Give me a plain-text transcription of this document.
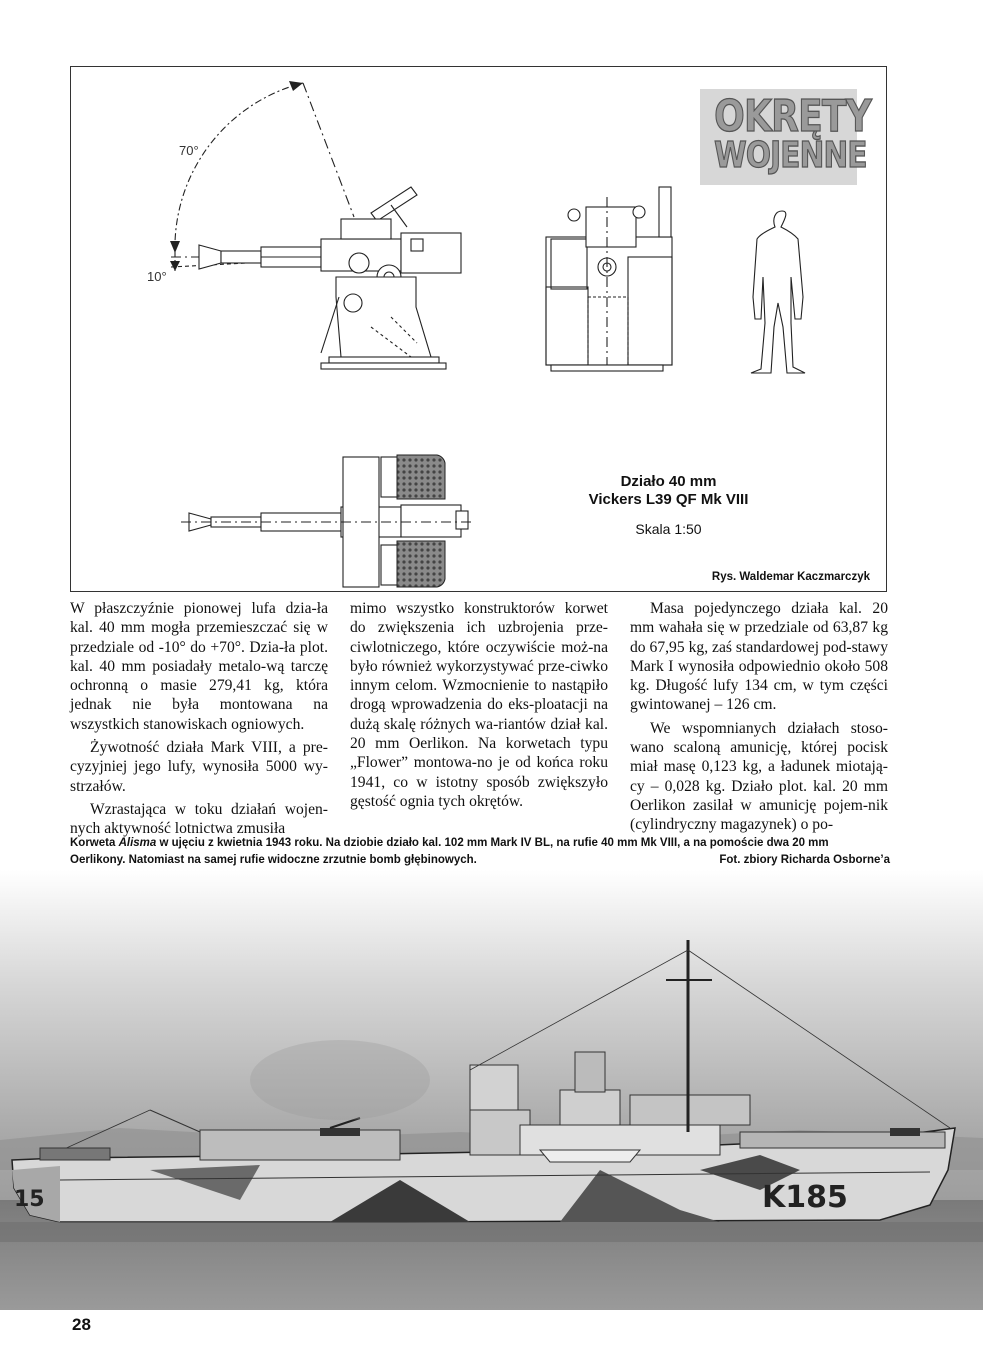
70°
10°
OKRĘTY
WOJENNE
Działo 40 mm
Vickers L39 QF Mk VIII
Skala 1:50
Rys. Waldemar Kaczmarczyk

W płaszczyźnie pionowej lufa dzia-ła kal. 40 mm mogła przemieszczać się w przedziale od -10° do +70°. Dzia-ła plot. kal. 40 mm posiadały metalo-wą tarczę ochronną o masie 279,41 kg, która jednak nie była montowana na wszystkich stanowiskach ogniowych.

Żywotność działa Mark VIII, a pre-cyzyjniej jego lufy, wynosiła 5000 wy-strzałów.

Wzrastająca w toku działań wojen-nych aktywność lotnictwa zmusiła

mimo wszystko konstruktorów korwet do zwiększenia ich uzbrojenia prze-ciwlotniczego, które oczywiście moż-na było również wykorzystywać prze-ciwko innym celom. Wzmocnienie to nastąpiło drogą wprowadzenia do eks-ploatacji na dużą skalę różnych wa-riantów dział kal. 20 mm Oerlikon. Na korwetach typu „Flower” montowa-no je od końca roku 1941, co w istotny sposób zwiększyło gęstość ognia tych okrętów.

Masa pojedynczego działa kal. 20 mm wahała się w przedziale od 63,87 kg do 67,95 kg, zaś standardowej pod-stawy Mark I wynosiła odpowiednio około 508 kg. Długość lufy 134 cm, w tym części gwintowanej – 126 cm.

We wspomnianych działach stoso-wano scaloną amunicję, której pocisk miał masę 0,123 kg, a ładunek miotają-cy – 0,028 kg. Działo plot. kal. 20 mm Oerlikon zasilał w amunicję pojem-nik (cylindryczny magazynek) o po-

Korweta Alisma w ujęciu z kwietnia 1943 roku. Na dziobie działo kal. 102 mm Mark IV BL, na rufie 40 mm Mk VIII, a na pomoście dwa 20 mm
Oerlikony. Natomiast na samej rufie widoczne zrzutnie bomb głębinowych.	Fot. zbiory Richarda Osborne’a
K185
15
28
